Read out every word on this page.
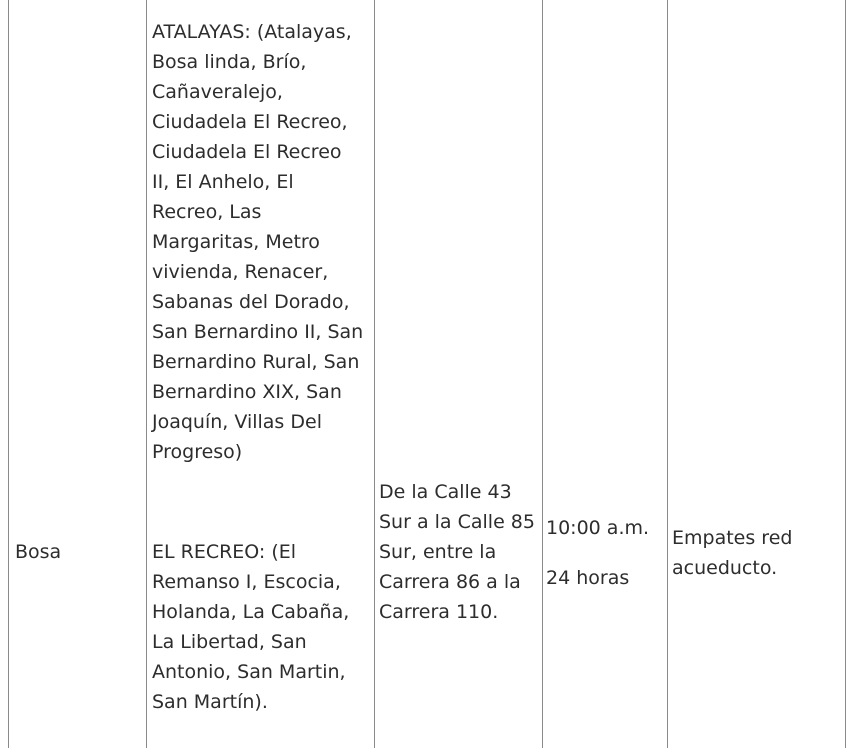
Bosa
ATALAYAS: (Atalayas,
Bosa linda, Brío,
Cañaveralejo,
Ciudadela El Recreo,
Ciudadela El Recreo
II, El Anhelo, El
Recreo, Las
Margaritas, Metro
vivienda, Renacer,
Sabanas del Dorado,
San Bernardino II, San
Bernardino Rural, San
Bernardino XIX, San
Joaquín, Villas Del
Progreso)
EL RECREO: (El
Remanso I, Escocia,
Holanda, La Cabaña,
La Libertad, San
Antonio, San Martin,
San Martín).
De la Calle 43
Sur a la Calle 85
Sur, entre la
Carrera 86 a la
Carrera 110.
10:00 a.m.
24 horas
Empates red
acueducto.
